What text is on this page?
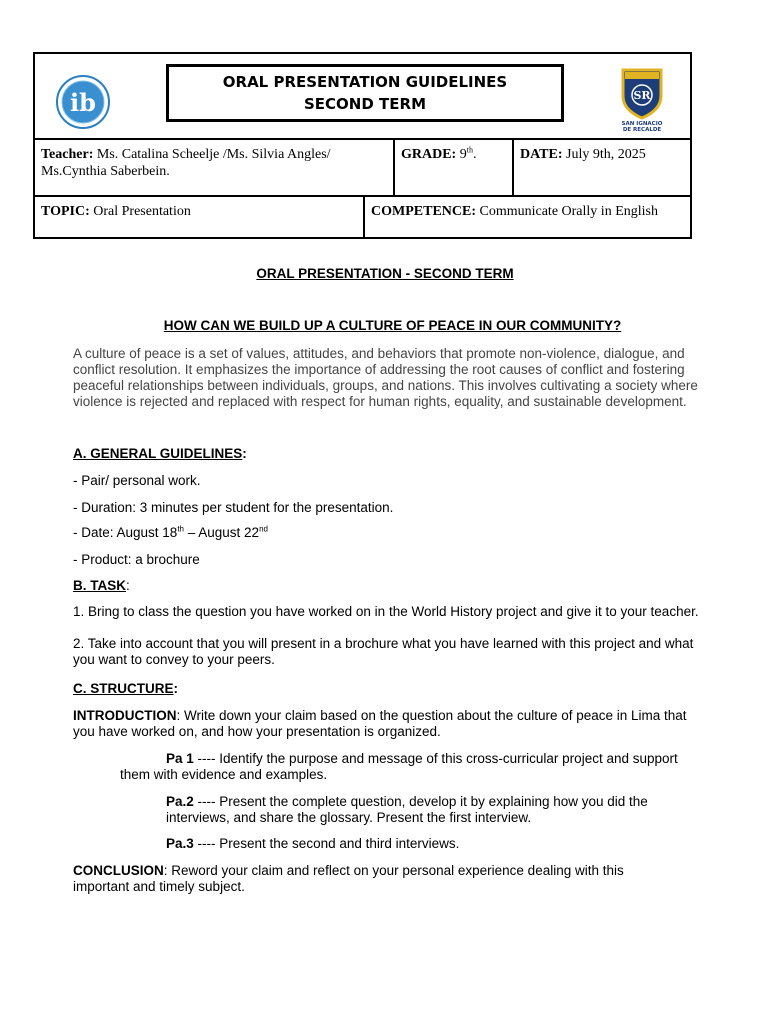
ib
ORAL PRESENTATION GUIDELINES
SECOND TERM	SR
SAN IGNACIO
DE RECALDE
Teacher: Ms. Catalina Scheelje /Ms. Silvia Angles/ Ms.Cynthia Saberbein.
GRADE: 9th.	DATE: July 9th, 2025
TOPIC: Oral Presentation	COMPETENCE: Communicate Orally in English
ORAL PRESENTATION - SECOND TERM
HOW CAN WE BUILD UP A CULTURE OF PEACE IN OUR COMMUNITY?
A culture of peace is a set of values, attitudes, and behaviors that promote non-violence, dialogue, and conflict resolution. It emphasizes the importance of addressing the root causes of conflict and fostering peaceful relationships between individuals, groups, and nations. This involves cultivating a society where violence is rejected and replaced with respect for human rights, equality, and sustainable development.
A. GENERAL GUIDELINES:
- Pair/ personal work.
- Duration: 3 minutes per student for the presentation.
- Date: August 18th – August 22nd
- Product: a brochure
B. TASK:
1. Bring to class the question you have worked on in the World History project and give it to your teacher.
2. Take into account that you will present in a brochure what you have learned with this project and what you want to convey to your peers.
C. STRUCTURE:
INTRODUCTION: Write down your claim based on the question about the culture of peace in Lima that you have worked on, and how your presentation is organized.
Pa 1 ---- Identify the purpose and message of this cross-curricular project and support them with evidence and examples.
Pa.2 ---- Present the complete question, develop it by explaining how you did the interviews, and share the glossary. Present the first interview.
Pa.3 ---- Present the second and third interviews.
CONCLUSION: Reword your claim and reflect on your personal experience dealing with this important and timely subject.
